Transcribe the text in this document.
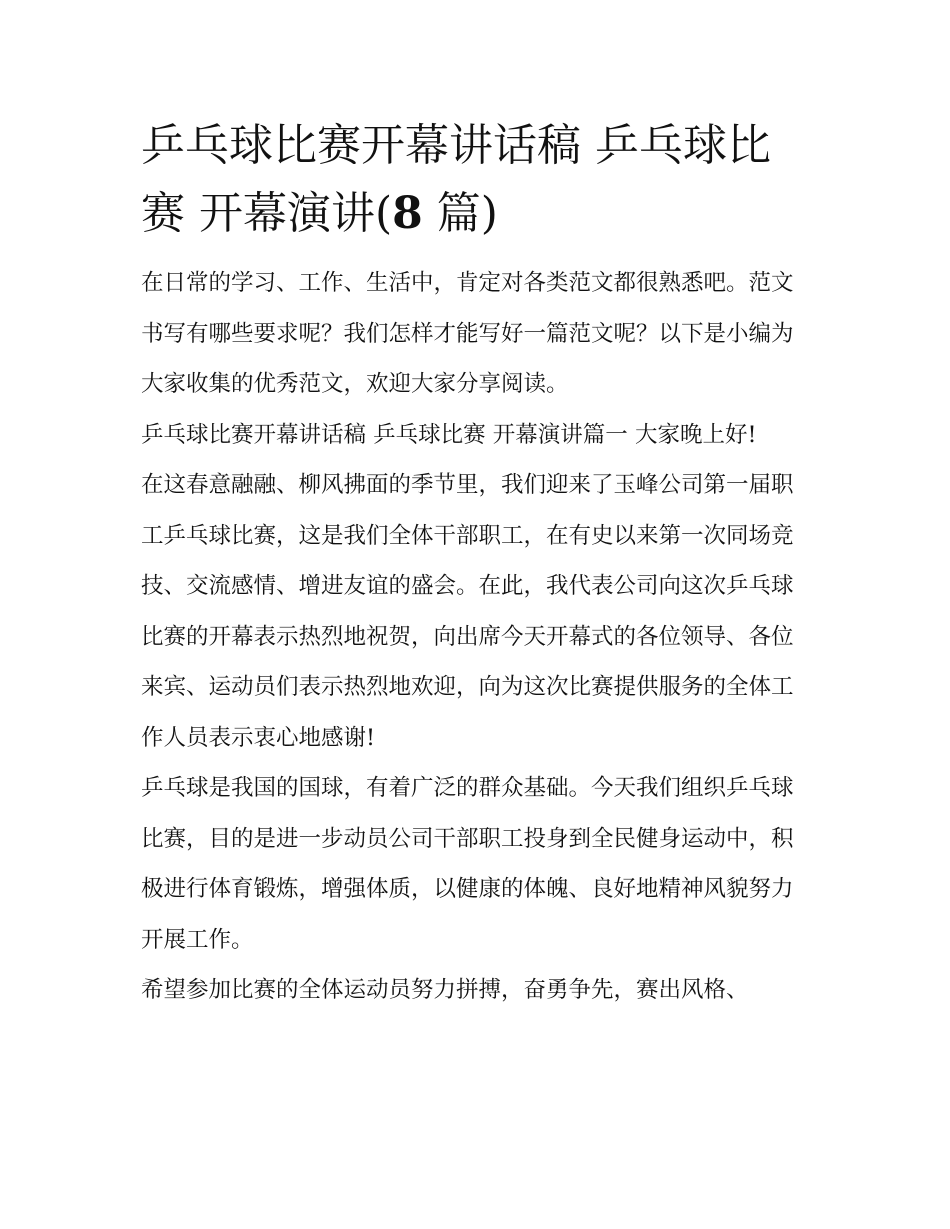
乒乓球比赛开幕讲话稿 乒乓球比赛 开幕演讲(8 篇)

在日常的学习、工作、生活中，肯定对各类范文都很熟悉吧。范文书写有哪些要求呢？我们怎样才能写好一篇范文呢？以下是小编为大家收集的优秀范文，欢迎大家分享阅读。

乒乓球比赛开幕讲话稿 乒乓球比赛 开幕演讲篇一 大家晚上好!

在这春意融融、柳风拂面的季节里，我们迎来了玉峰公司第一届职工乒乓球比赛，这是我们全体干部职工，在有史以来第一次同场竞技、交流感情、增进友谊的盛会。在此，我代表公司向这次乒乓球比赛的开幕表示热烈地祝贺，向出席今天开幕式的各位领导、各位来宾、运动员们表示热烈地欢迎，向为这次比赛提供服务的全体工作人员表示衷心地感谢!

乒乓球是我国的国球，有着广泛的群众基础。今天我们组织乒乓球比赛，目的是进一步动员公司干部职工投身到全民健身运动中，积极进行体育锻炼，增强体质，以健康的体魄、良好地精神风貌努力开展工作。

希望参加比赛的全体运动员努力拼搏，奋勇争先，赛出风格、
